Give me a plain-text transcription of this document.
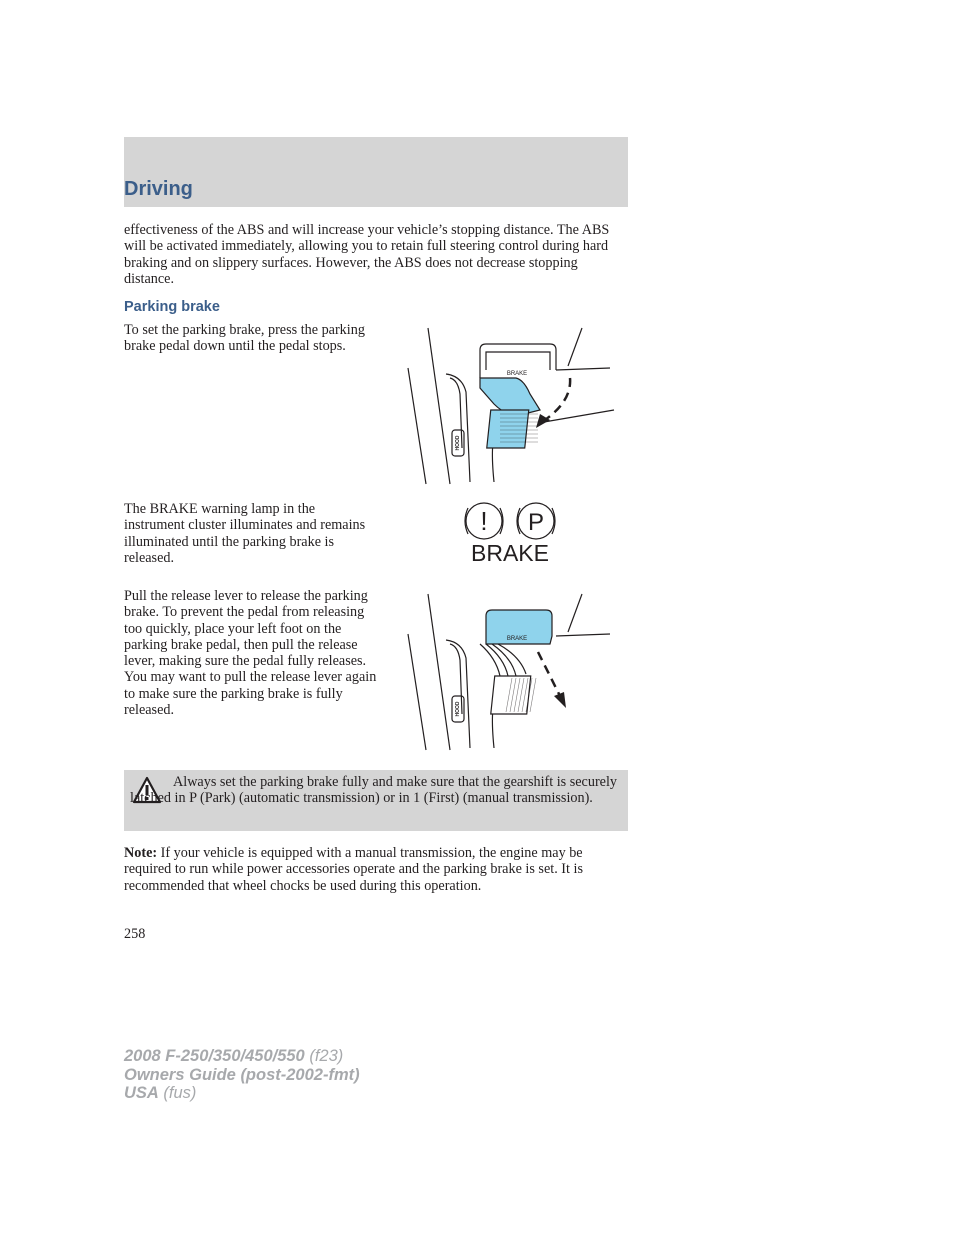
Driving

effectiveness of the ABS and will increase your vehicle’s stopping distance. The ABS will be activated immediately, allowing you to retain full steering control during hard braking and on slippery surfaces. However, the ABS does not decrease stopping distance.

Parking brake

To set the parking brake, press the parking brake pedal down until the pedal stops.

BRAKE
HOOD

The BRAKE warning lamp in the instrument cluster illuminates and remains illuminated until the parking brake is released.

! P
BRAKE

Pull the release lever to release the parking brake. To prevent the pedal from releasing too quickly, place your left foot on the parking brake pedal, then pull the release lever, making sure the pedal fully releases. You may want to pull the release lever again to make sure the parking brake is fully released.

BRAKE
HOOD
Always set the parking brake fully and make sure that the gearshift is securely latched in P (Park) (automatic transmission) or in 1 (First) (manual transmission).

Note: If your vehicle is equipped with a manual transmission, the engine may be required to run while power accessories operate and the parking brake is set. It is recommended that wheel chocks be used during this operation.

258
2008 F-250/350/450/550 (f23)
Owners Guide (post-2002-fmt)
USA (fus)
